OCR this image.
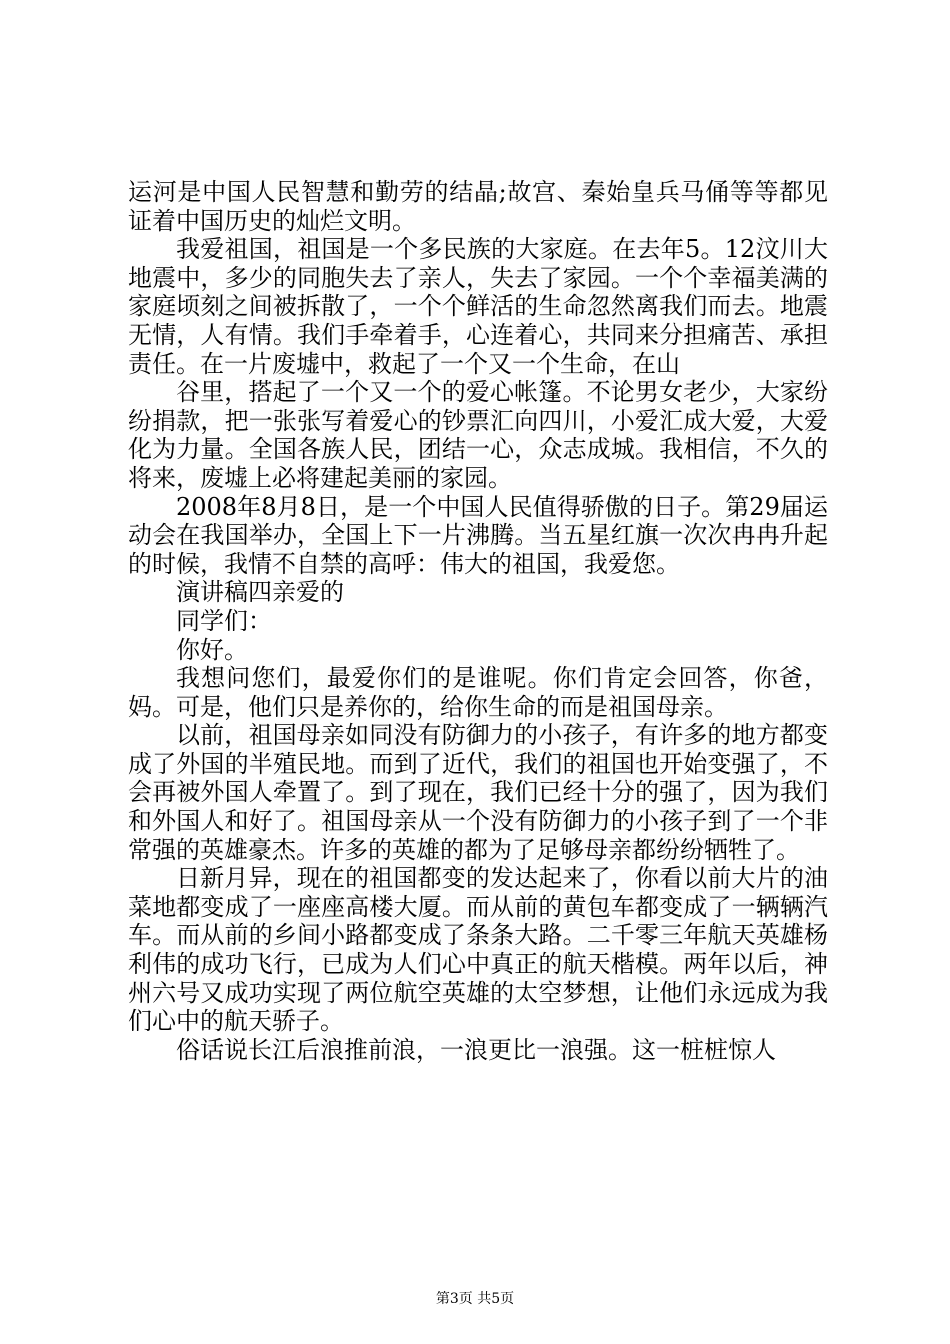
运河是中国人民智慧和勤劳的结晶;故宫、秦始皇兵马俑等等都见证着中国历史的灿烂文明。

我爱祖国，祖国是一个多民族的大家庭。在去年5。12汶川大地震中，多少的同胞失去了亲人，失去了家园。一个个幸福美满的家庭顷刻之间被拆散了，一个个鲜活的生命忽然离我们而去。地震无情，人有情。我们手牵着手，心连着心，共同来分担痛苦、承担责任。在一片废墟中，救起了一个又一个生命，在山

谷里，搭起了一个又一个的爱心帐篷。不论男女老少，大家纷纷捐款，把一张张写着爱心的钞票汇向四川，小爱汇成大爱，大爱化为力量。全国各族人民，团结一心，众志成城。我相信，不久的将来，废墟上必将建起美丽的家园。

2008年8月8日，是一个中国人民值得骄傲的日子。第29届运动会在我国举办，全国上下一片沸腾。当五星红旗一次次冉冉升起的时候，我情不自禁的高呼：伟大的祖国，我爱您。

演讲稿四亲爱的

同学们：

你好。

我想问您们，最爱你们的是谁呢。你们肯定会回答，你爸，妈。可是，他们只是养你的，给你生命的而是祖国母亲。

以前，祖国母亲如同没有防御力的小孩子，有许多的地方都变成了外国的半殖民地。而到了近代，我们的祖国也开始变强了，不会再被外国人牵置了。到了现在，我们已经十分的强了，因为我们和外国人和好了。祖国母亲从一个没有防御力的小孩子到了一个非常强的英雄豪杰。许多的英雄的都为了足够母亲都纷纷牺牲了。

日新月异，现在的祖国都变的发达起来了，你看以前大片的油菜地都变成了一座座高楼大厦。而从前的黄包车都变成了一辆辆汽车。而从前的乡间小路都变成了条条大路。二千零三年航天英雄杨利伟的成功飞行，已成为人们心中真正的航天楷模。两年以后，神州六号又成功实现了两位航空英雄的太空梦想，让他们永远成为我们心中的航天骄子。

俗话说长江后浪推前浪，一浪更比一浪强。这一桩桩惊人

第3页 共5页
